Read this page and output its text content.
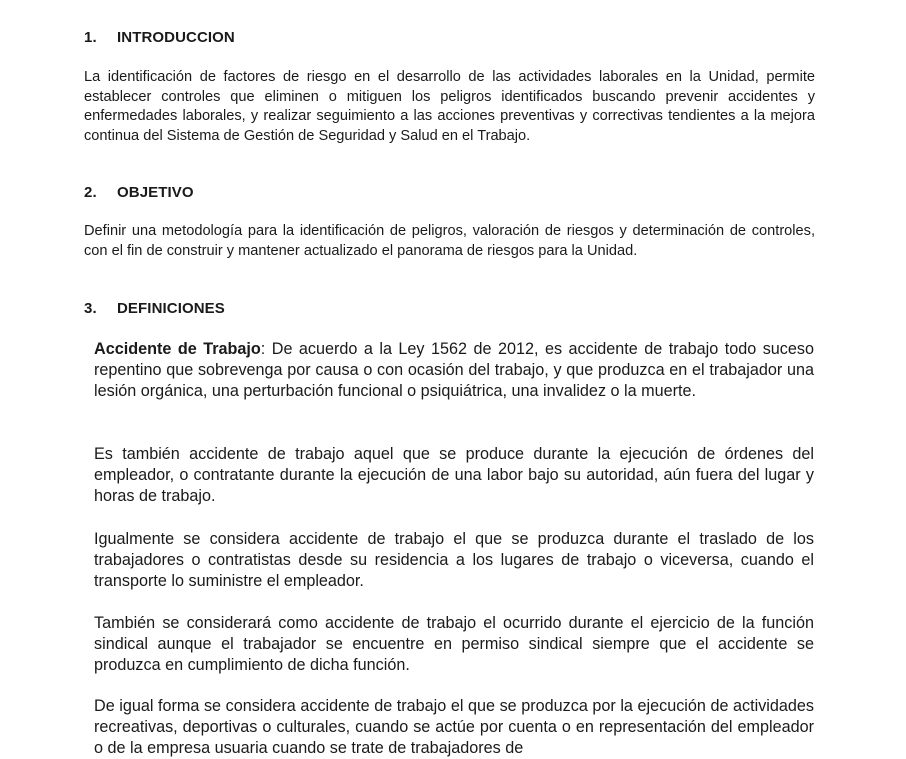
1. INTRODUCCION
La identificación de factores de riesgo en el desarrollo de las actividades laborales en la Unidad, permite establecer controles que eliminen o mitiguen los peligros identificados buscando prevenir accidentes y enfermedades laborales, y realizar seguimiento a las acciones preventivas y correctivas tendientes a la mejora continua del Sistema de Gestión de Seguridad y Salud en el Trabajo.
2. OBJETIVO
Definir una metodología para la identificación de peligros, valoración de riesgos y determinación de controles, con el fin de construir y mantener actualizado el panorama de riesgos para la Unidad.
3. DEFINICIONES
Accidente de Trabajo: De acuerdo a la Ley 1562 de 2012, es accidente de trabajo todo suceso repentino que sobrevenga por causa o con ocasión del trabajo, y que produzca en el trabajador una lesión orgánica, una perturbación funcional o psiquiátrica, una invalidez o la muerte.
Es también accidente de trabajo aquel que se produce durante la ejecución de órdenes del empleador, o contratante durante la ejecución de una labor bajo su autoridad, aún fuera del lugar y horas de trabajo.
Igualmente se considera accidente de trabajo el que se produzca durante el traslado de los trabajadores o contratistas desde su residencia a los lugares de trabajo o viceversa, cuando el transporte lo suministre el empleador.
También se considerará como accidente de trabajo el ocurrido durante el ejercicio de la función sindical aunque el trabajador se encuentre en permiso sindical siempre que el accidente se produzca en cumplimiento de dicha función.
De igual forma se considera accidente de trabajo el que se produzca por la ejecución de actividades recreativas, deportivas o culturales, cuando se actúe por cuenta o en representación del empleador o de la empresa usuaria cuando se trate de trabajadores de
